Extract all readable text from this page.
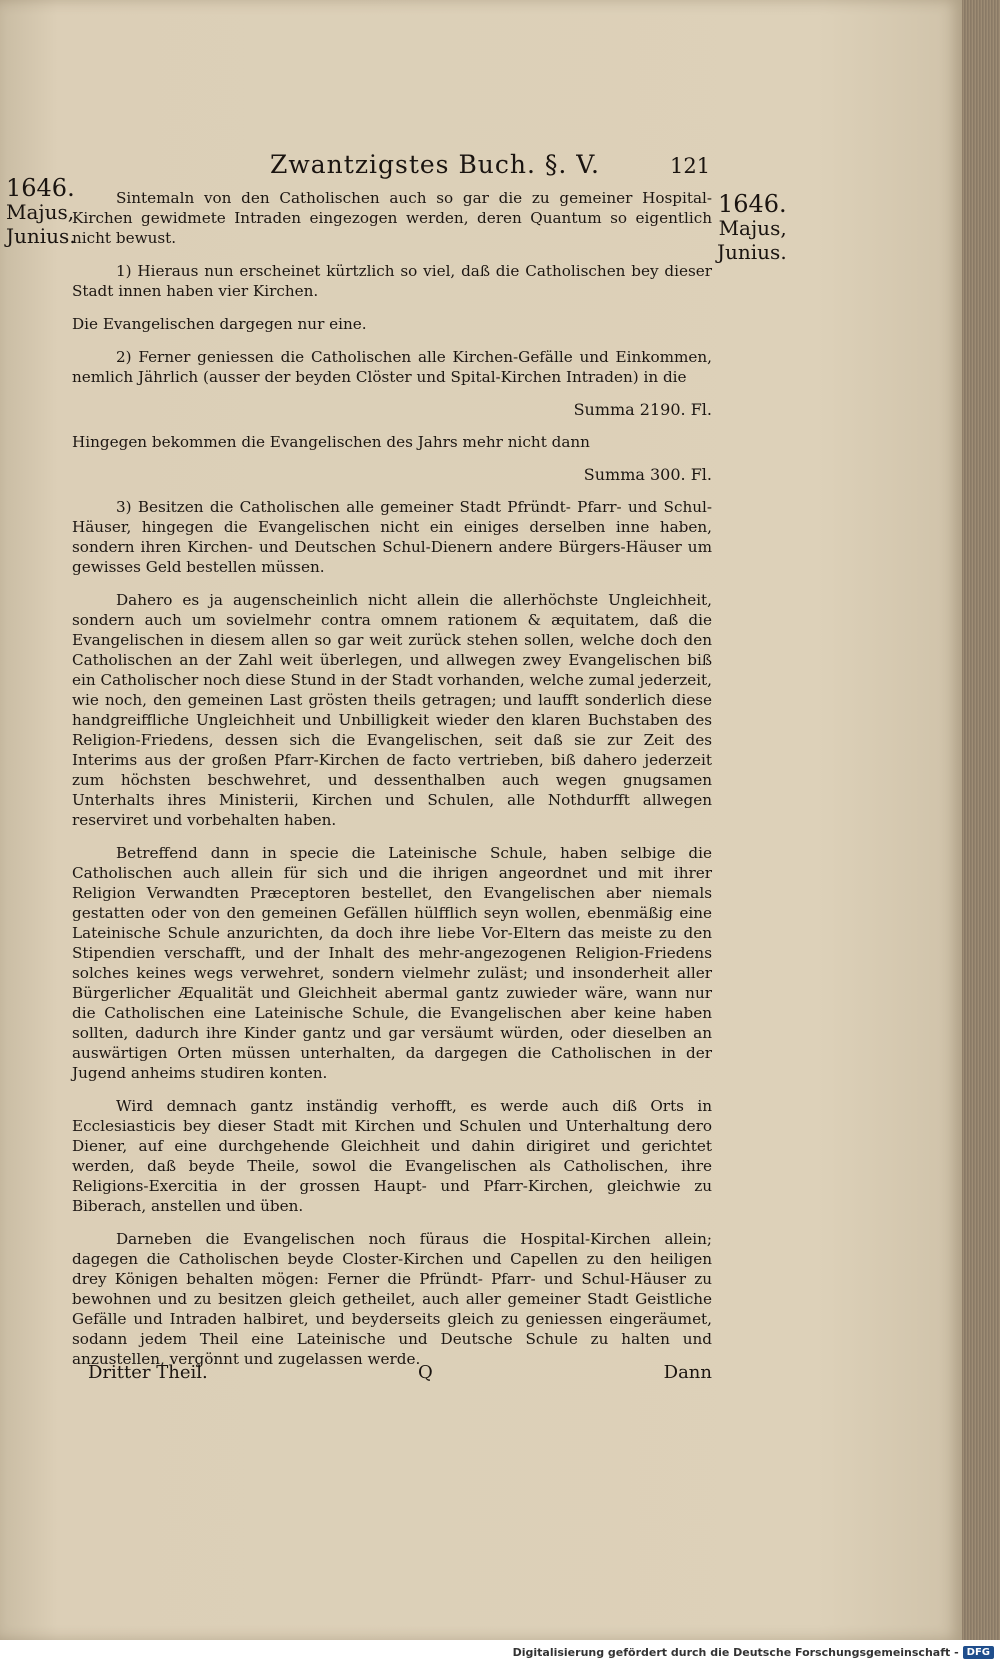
Zwantzigstes Buch. §. V.	121
1646.
Majus,
Junius.
1646.
Majus,
Junius.

Sintemaln von den Catholischen auch so gar die zu gemeiner Hospital-Kirchen gewidmete Intraden eingezogen werden, deren Quantum so eigentlich nicht bewust.

1) Hieraus nun erscheinet kürtzlich so viel, daß die Catholischen bey dieser Stadt innen haben vier Kirchen.

Die Evangelischen dargegen nur eine.

2) Ferner geniessen die Catholischen alle Kirchen-Gefälle und Einkommen, nemlich Jährlich (ausser der beyden Clöster und Spital-Kirchen Intraden) in die

Summa 2190. Fl.

Hingegen bekommen die Evangelischen des Jahrs mehr nicht dann

Summa 300. Fl.

3) Besitzen die Catholischen alle gemeiner Stadt Pfründt- Pfarr- und Schul-Häuser, hingegen die Evangelischen nicht ein einiges derselben inne haben, sondern ihren Kirchen- und Deutschen Schul-Dienern andere Bürgers-Häuser um gewisses Geld bestellen müssen.

Dahero es ja augenscheinlich nicht allein die allerhöchste Ungleichheit, sondern auch um sovielmehr contra omnem rationem & æquitatem, daß die Evangelischen in diesem allen so gar weit zurück stehen sollen, welche doch den Catholischen an der Zahl weit überlegen, und allwegen zwey Evangelischen biß ein Catholischer noch diese Stund in der Stadt vorhanden, welche zumal jederzeit, wie noch, den gemeinen Last grösten theils getragen; und laufft sonderlich diese handgreiffliche Ungleichheit und Unbilligkeit wieder den klaren Buchstaben des Religion-Friedens, dessen sich die Evangelischen, seit daß sie zur Zeit des Interims aus der großen Pfarr-Kirchen de facto vertrieben, biß dahero jederzeit zum höchsten beschwehret, und dessenthalben auch wegen gnugsamen Unterhalts ihres Ministerii, Kirchen und Schulen, alle Nothdurfft allwegen reserviret und vorbehalten haben.

Betreffend dann in specie die Lateinische Schule, haben selbige die Catholischen auch allein für sich und die ihrigen angeordnet und mit ihrer Religion Verwandten Præceptoren bestellet, den Evangelischen aber niemals gestatten oder von den gemeinen Gefällen hülfflich seyn wollen, ebenmäßig eine Lateinische Schule anzurichten, da doch ihre liebe Vor-Eltern das meiste zu den Stipendien verschafft, und der Inhalt des mehr-angezogenen Religion-Friedens solches keines wegs verwehret, sondern vielmehr zuläst; und insonderheit aller Bürgerlicher Æqualität und Gleichheit abermal gantz zuwieder wäre, wann nur die Catholischen eine Lateinische Schule, die Evangelischen aber keine haben sollten, dadurch ihre Kinder gantz und gar versäumt würden, oder dieselben an auswärtigen Orten müssen unterhalten, da dargegen die Catholischen in der Jugend anheims studiren konten.

Wird demnach gantz inständig verhofft, es werde auch diß Orts in Ecclesiasticis bey dieser Stadt mit Kirchen und Schulen und Unterhaltung dero Diener, auf eine durchgehende Gleichheit und dahin dirigiret und gerichtet werden, daß beyde Theile, sowol die Evangelischen als Catholischen, ihre Religions-Exercitia in der grossen Haupt- und Pfarr-Kirchen, gleichwie zu Biberach, anstellen und üben.

Darneben die Evangelischen noch füraus die Hospital-Kirchen allein; dagegen die Catholischen beyde Closter-Kirchen und Capellen zu den heiligen drey Königen behalten mögen: Ferner die Pfründt- Pfarr- und Schul-Häuser zu bewohnen und zu besitzen gleich getheilet, auch aller gemeiner Stadt Geistliche Gefälle und Intraden halbiret, und beyderseits gleich zu geniessen eingeräumet, sodann jedem Theil eine Lateinische und Deutsche Schule zu halten und anzustellen, vergönnt und zugelassen werde.

Dritter Theil.	Q	Dann
Digitalisierung gefördert durch die Deutsche Forschungsgemeinschaft - DFG
